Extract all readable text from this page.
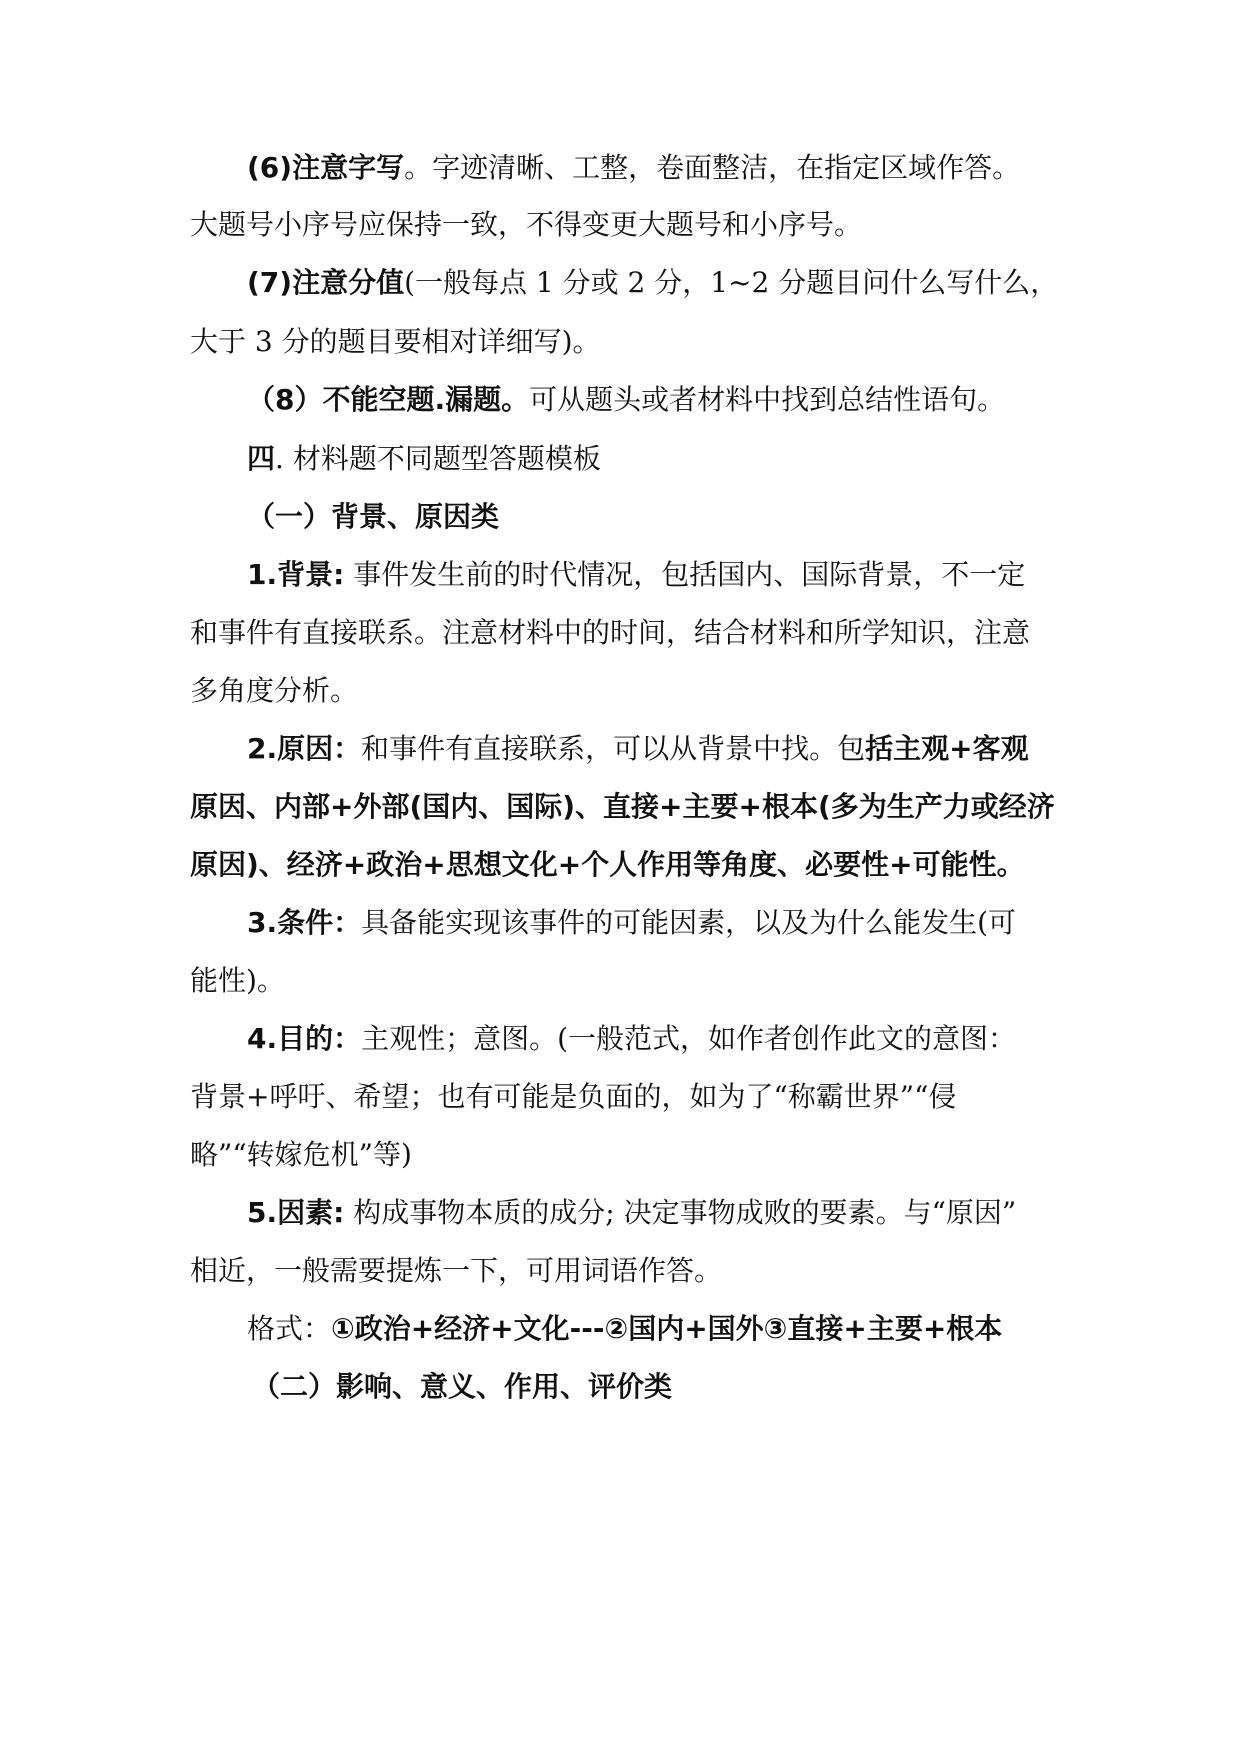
(6)注意字写。字迹清晰、工整，卷面整洁，在指定区域作答。

大题号小序号应保持一致，不得变更大题号和小序号。

(7)注意分值(一般每点 1 分或 2 分，1~2 分题目问什么写什么，

大于 3 分的题目要相对详细写)。

（8）不能空题.漏题。可从题头或者材料中找到总结性语句。

四. 材料题不同题型答题模板

（一）背景、原因类

1.背景: 事件发生前的时代情况，包括国内、国际背景，不一定

和事件有直接联系。注意材料中的时间，结合材料和所学知识，注意

多角度分析。

2.原因：和事件有直接联系，可以从背景中找。包括主观+客观

原因、内部+外部(国内、国际)、直接+主要+根本(多为生产力或经济

原因)、经济+政治+思想文化+个人作用等角度、必要性+可能性。

3.条件：具备能实现该事件的可能因素，以及为什么能发生(可

能性)。

4.目的：主观性；意图。(一般范式，如作者创作此文的意图：

背景+呼吁、希望；也有可能是负面的，如为了“称霸世界”“侵

略”“转嫁危机”等)

5.因素: 构成事物本质的成分; 决定事物成败的要素。与“原因”

相近，一般需要提炼一下，可用词语作答。

格式：①政治+经济+文化---②国内+国外③直接+主要+根本

（二）影响、意义、作用、评价类
